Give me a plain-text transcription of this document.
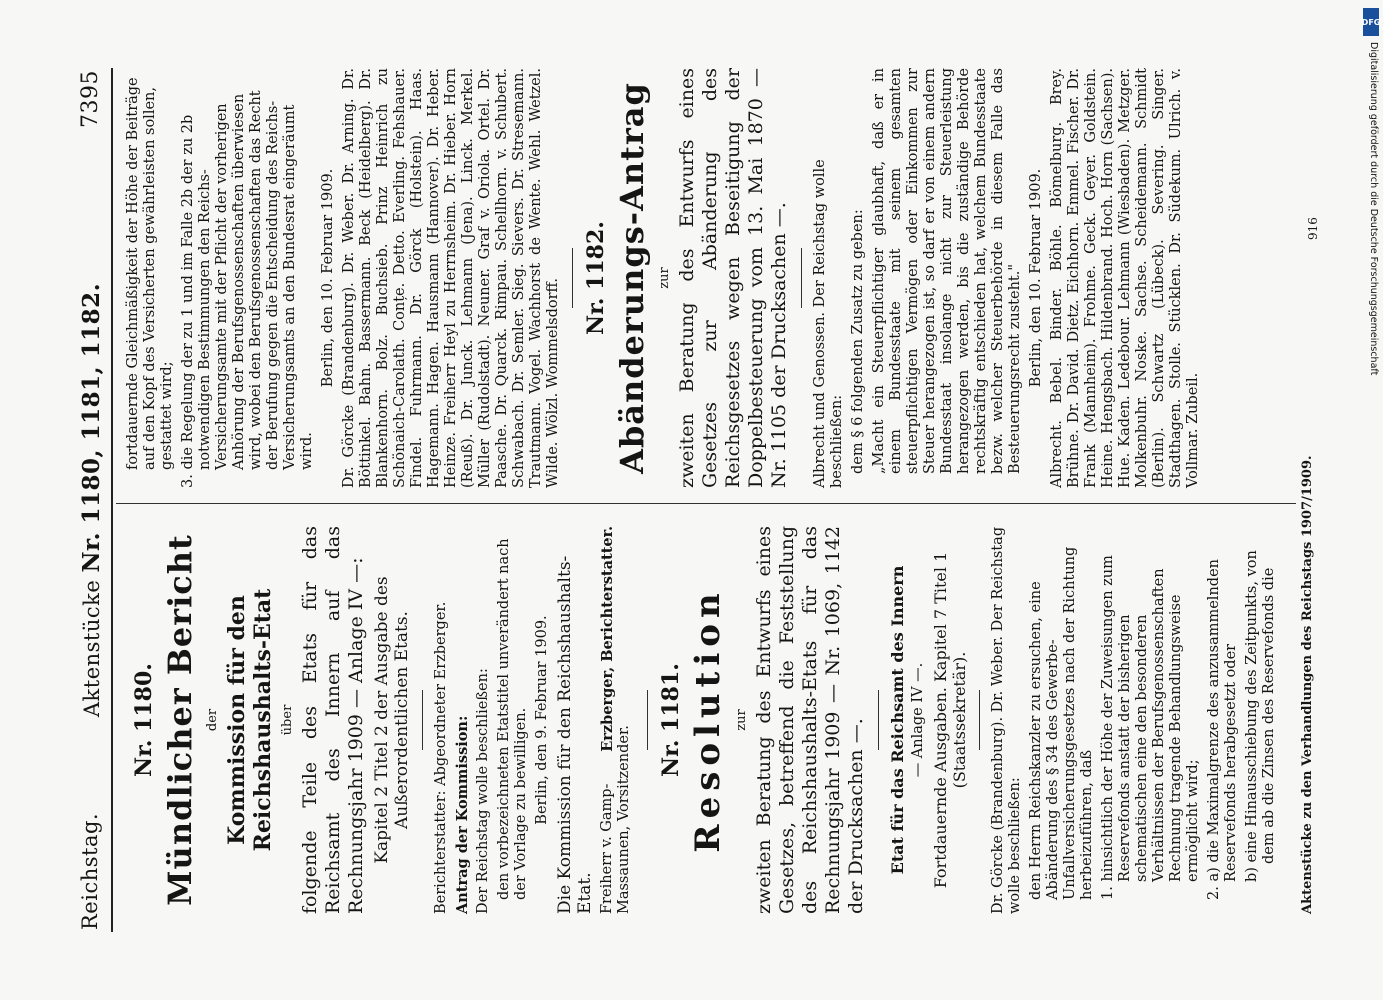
Reichstag.
Aktenstücke Nr. 1180, 1181, 1182.
7395
Nr. 1180. Mündlicher Bericht der Kommission für den Reichshaushalts-Etat über folgende Teile des Etats für das Reichsamt des Innern auf das Rechnungsjahr 1909 — Anlage IV —: Kapitel 2 Titel 2 der Ausgabe des Außerordentlichen Etats. Berichterstatter: Abgeordneter Erzberger. Antrag der Kommission: Der Reichstag wolle beschließen: den vorbezeichneten Etatstitel unverändert nach der Vorlage zu bewilligen. Berlin, den 9. Februar 1909. Die Kommission für den Reichshaushalts-Etat.

Erzberger, Berichterstatter.
Freiherr v. Gamp-Massaunen, Vorsitzender.
Nr. 1181. Resolution zur zweiten Beratung des Entwurfs eines Gesetzes, betreffend die Feststellung des Reichshaushalts-Etats für das Rechnungsjahr 1909 — Nr. 1069, 1142 der Drucksachen —. Etat für das Reichsamt des Innern — Anlage IV —. Fortdauernde Ausgaben. Kapitel 7 Titel 1 (Staatssekretär). Dr. Görcke (Brandenburg). Dr. Weber. Der Reichstag wolle beschließen: den Herrn Reichskanzler zu ersuchen, eine Abänderung des § 34 des Gewerbe-Unfallversicherungsgesetzes nach der Richtung herbeizuführen, daß 1. hinsichtlich der Höhe der Zuweisungen zum Reservefonds anstatt der bisherigen schematischen eine den besonderen Verhältnissen der Berufsgenossenschaften Rechnung tragende Behandlungsweise ermöglicht wird; 2. a) die Maximalgrenze des anzusammelnden Reservefonds herabgesetzt oder b) eine Hinausschiebung des Zeitpunkts, von dem ab die Zinsen des Reservefonds die

fortdauernde Gleichmäßigkeit der Höhe der Beiträge auf den Kopf des Versicherten gewährleisten sollen, gestattet wird; 3. die Regelung der zu 1 und im Falle 2b der zu 2b notwendigen Bestimmungen den Reichs-Versicherungsamte mit der Pflicht der vorherigen Anhörung der Berufsgenossenschaften überwiesen wird, wobei den Berufsgenossenschaften das Recht der Berufung gegen die Entscheidung des Reichs-Versicherungsamts an den Bundesrat eingeräumt wird.

Berlin, den 10. Februar 1909. Dr. Görcke (Brandenburg). Dr. Weber. Dr. Arning. Dr. Böttinkel. Bahn. Bassermann. Beck (Heidelberg). Dr. Blankenhorn. Bolz. Buchsieb. Prinz Heinrich zu Schönaich-Carolath. Conțe. Detto. Everling. Fehshauer. Findel. Fuhrmann. Dr. Görck (Holstein). Haas. Hagemann. Hagen. Hausmann (Hannover). Dr. Heber. Heinze. Freiherr Heyl zu Herrnsheim. Dr. Hieber. Horn (Reuß). Dr. Junck. Lehmann (Jena). Linck. Merkel. Müller (Rudolstadt). Neuner. Graf v. Oriola. Ortel. Dr. Paasche. Dr. Quarck. Rimpau. Schellhorn. v. Schubert. Schwabach. Dr. Semler. Sieg. Sievers. Dr. Stresemann. Trautmann. Vogel. Wachhorst de Wente. Wehl. Wetzel. Wilde. Wölzl. Wommelsdorff.

Nr. 1182. Abänderungs-Antrag zur zweiten Beratung des Entwurfs eines Gesetzes zur Abänderung des Reichsgesetzes wegen Beseitigung der Doppelbesteuerung vom 13. Mai 1870 — Nr. 1105 der Drucksachen —. Albrecht und Genossen. Der Reichstag wolle beschließen: dem § 6 folgenden Zusatz zu geben: „Macht ein Steuerpflichtiger glaubhaft, daß er in einem Bundesstaate mit seinem gesamten steuerpflichtigen Vermögen oder Einkommen zur Steuer herangezogen ist, so darf er von einem andern Bundesstaat insolange nicht zur Steuerleistung herangezogen werden, bis die zuständige Behörde rechtskräftig entschieden hat, welchem Bundesstaate bezw. welcher Steuerbehörde in diesem Falle das Besteuerungsrecht zusteht." Berlin, den 10. Februar 1909. Albrecht. Bebel. Binder. Böhle. Bömelburg. Brey. Brühne. Dr. David. Dietz. Eichhorn. Emmel. Fischer. Dr. Frank (Mannheim). Frohme. Geck. Geyer. Goldstein. Heine. Hengsbach. Hildenbrand. Hoch. Horn (Sachsen). Hue. Kaden. Ledebour. Lehmann (Wiesbaden). Metzger. Molkenbuhr. Noske. Sachse. Scheidemann. Schmidt (Berlin). Schwartz (Lübeck). Severing. Singer. Stadthagen. Stolle. Stücklen. Dr. Südekum. Ulrich. v. Vollmar. Zubeil.

Aktenstücke zu den Verhandlungen des Reichstags 1907/1909.
916
DFG
Digitalisierung gefördert durch die Deutsche Forschungsgemeinschaft
